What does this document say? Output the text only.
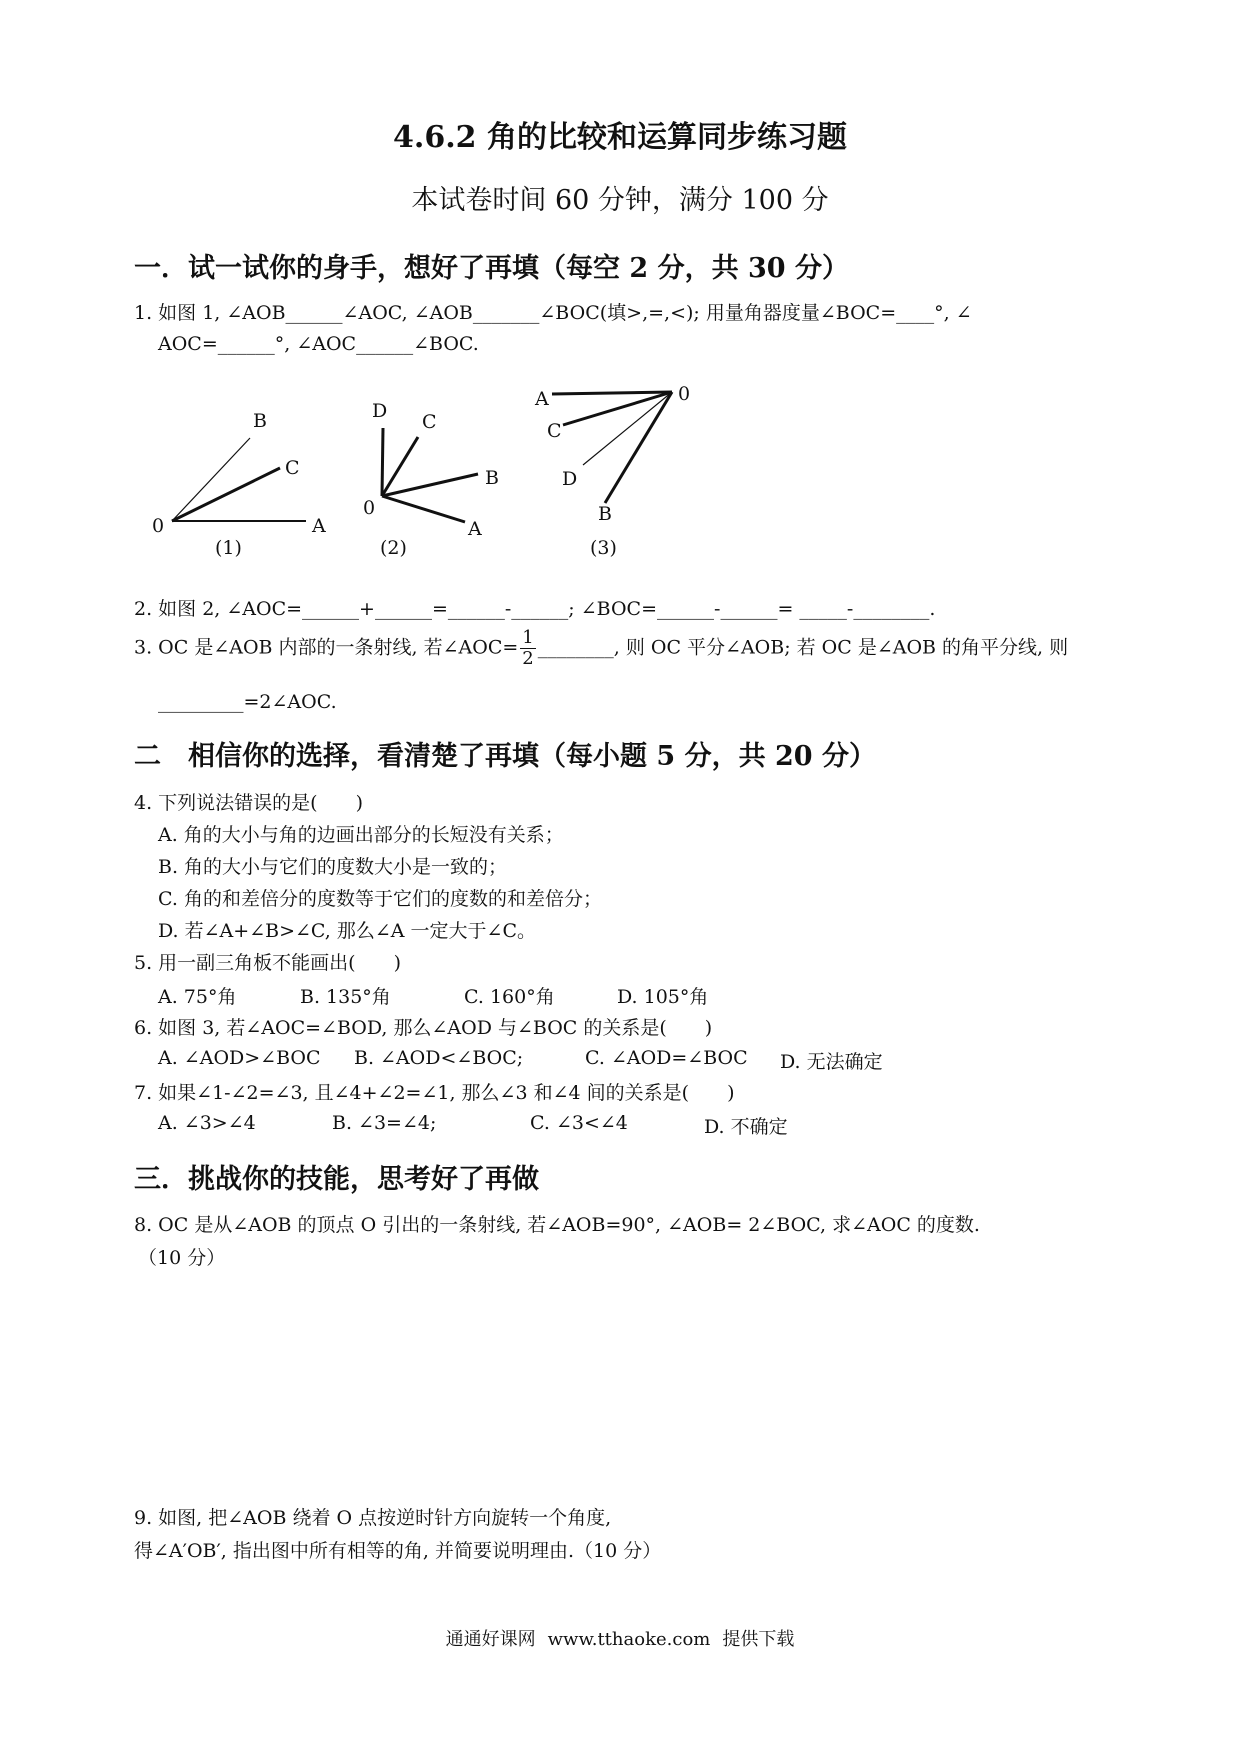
4.6.2 角的比较和运算同步练习题
本试卷时间 60 分钟，满分 100 分
一．试一试你的身手，想好了再填（每空 2 分，共 30 分）
1. 如图 1, ∠AOB______∠AOC, ∠AOB_______∠BOC(填>,=,<); 用量角器度量∠BOC=____°, ∠
AOC=______°, ∠AOC______∠BOC.
B
C
0	A
(1)
D C
B
0
A
(2)
A	0
C
D
B
(3)
2. 如图 2, ∠AOC=______+______=______-______; ∠BOC=______-______= _____-________.
3. OC 是∠AOB 内部的一条射线, 若∠AOC= $\frac{1}{2}$ ________, 则 OC 平分∠AOB; 若 OC 是∠AOB 的角平分线, 则
_________=2∠AOC.
二　相信你的选择，看清楚了再填（每小题 5 分，共 20 分）
4. 下列说法错误的是(　　)
A. 角的大小与角的边画出部分的长短没有关系；
B. 角的大小与它们的度数大小是一致的；
C. 角的和差倍分的度数等于它们的度数的和差倍分；
D. 若∠A+∠B>∠C, 那么∠A 一定大于∠C。
5. 用一副三角板不能画出(　　)
A. 75°角	B. 135°角	C. 160°角	D. 105°角
6. 如图 3, 若∠AOC=∠BOD, 那么∠AOD 与∠BOC 的关系是(　　)
A. ∠AOD>∠BOC B. ∠AOD<∠BOC;	C. ∠AOD=∠BOC D. 无法确定
7. 如果∠1-∠2=∠3, 且∠4+∠2=∠1, 那么∠3 和∠4 间的关系是(　　)
A. ∠3>∠4	B. ∠3=∠4;	C. ∠3<∠4	D. 不确定
三．挑战你的技能，思考好了再做
8. OC 是从∠AOB 的顶点 O 引出的一条射线, 若∠AOB=90°, ∠AOB= 2∠BOC, 求∠AOC 的度数.
（10 分）
9. 如图, 把∠AOB 绕着 O 点按逆时针方向旋转一个角度,
得∠A′OB′, 指出图中所有相等的角, 并简要说明理由.（10 分）
通通好课网 www.tthaoke.com 提供下载
